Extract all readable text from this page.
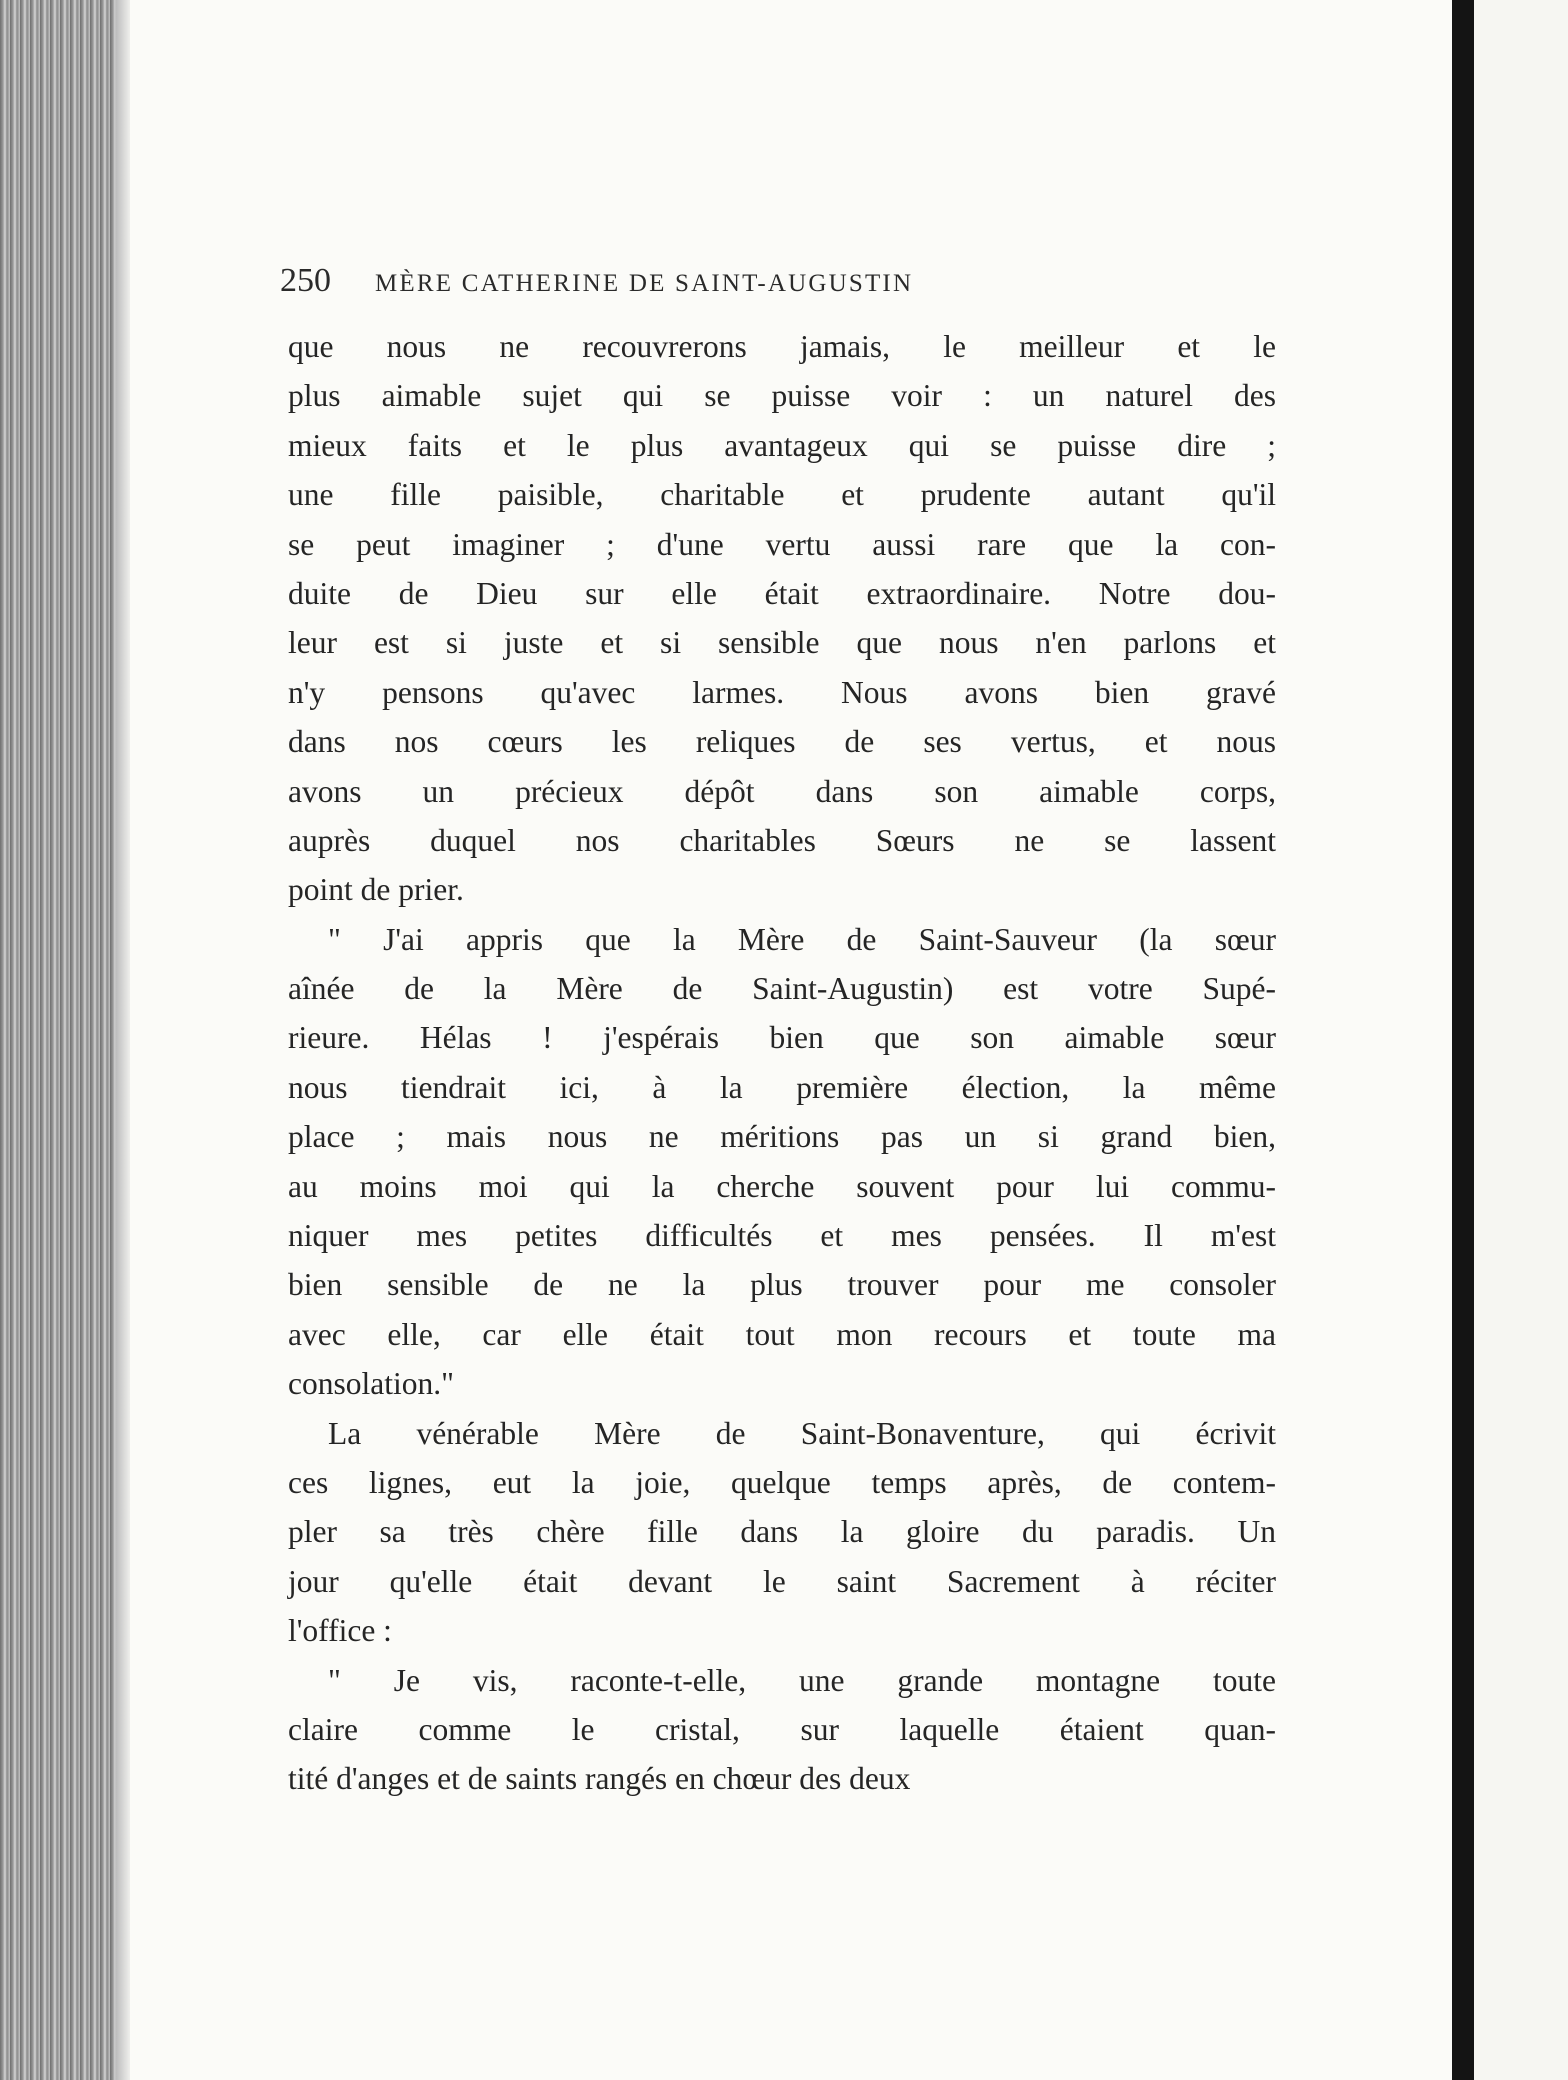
250 MÈRE CATHERINE DE SAINT-AUGUSTIN
que nous ne recouvrerons jamais, le meilleur et le
plus aimable sujet qui se puisse voir : un naturel des
mieux faits et le plus avantageux qui se puisse dire ;
une fille paisible, charitable et prudente autant qu'il
se peut imaginer ; d'une vertu aussi rare que la con-
duite de Dieu sur elle était extraordinaire. Notre dou-
leur est si juste et si sensible que nous n'en parlons et
n'y pensons qu'avec larmes. Nous avons bien gravé
dans nos cœurs les reliques de ses vertus, et nous
avons un précieux dépôt dans son aimable corps,
auprès duquel nos charitables Sœurs ne se lassent
point de prier.
" J'ai appris que la Mère de Saint-Sauveur (la sœur
aînée de la Mère de Saint-Augustin) est votre Supé-
rieure. Hélas ! j'espérais bien que son aimable sœur
nous tiendrait ici, à la première élection, la même
place ; mais nous ne méritions pas un si grand bien,
au moins moi qui la cherche souvent pour lui commu-
niquer mes petites difficultés et mes pensées. Il m'est
bien sensible de ne la plus trouver pour me consoler
avec elle, car elle était tout mon recours et toute ma
consolation."
La vénérable Mère de Saint-Bonaventure, qui écrivit
ces lignes, eut la joie, quelque temps après, de contem-
pler sa très chère fille dans la gloire du paradis. Un
jour qu'elle était devant le saint Sacrement à réciter
l'office :
" Je vis, raconte-t-elle, une grande montagne toute
claire comme le cristal, sur laquelle étaient quan-
tité d'anges et de saints rangés en chœur des deux
